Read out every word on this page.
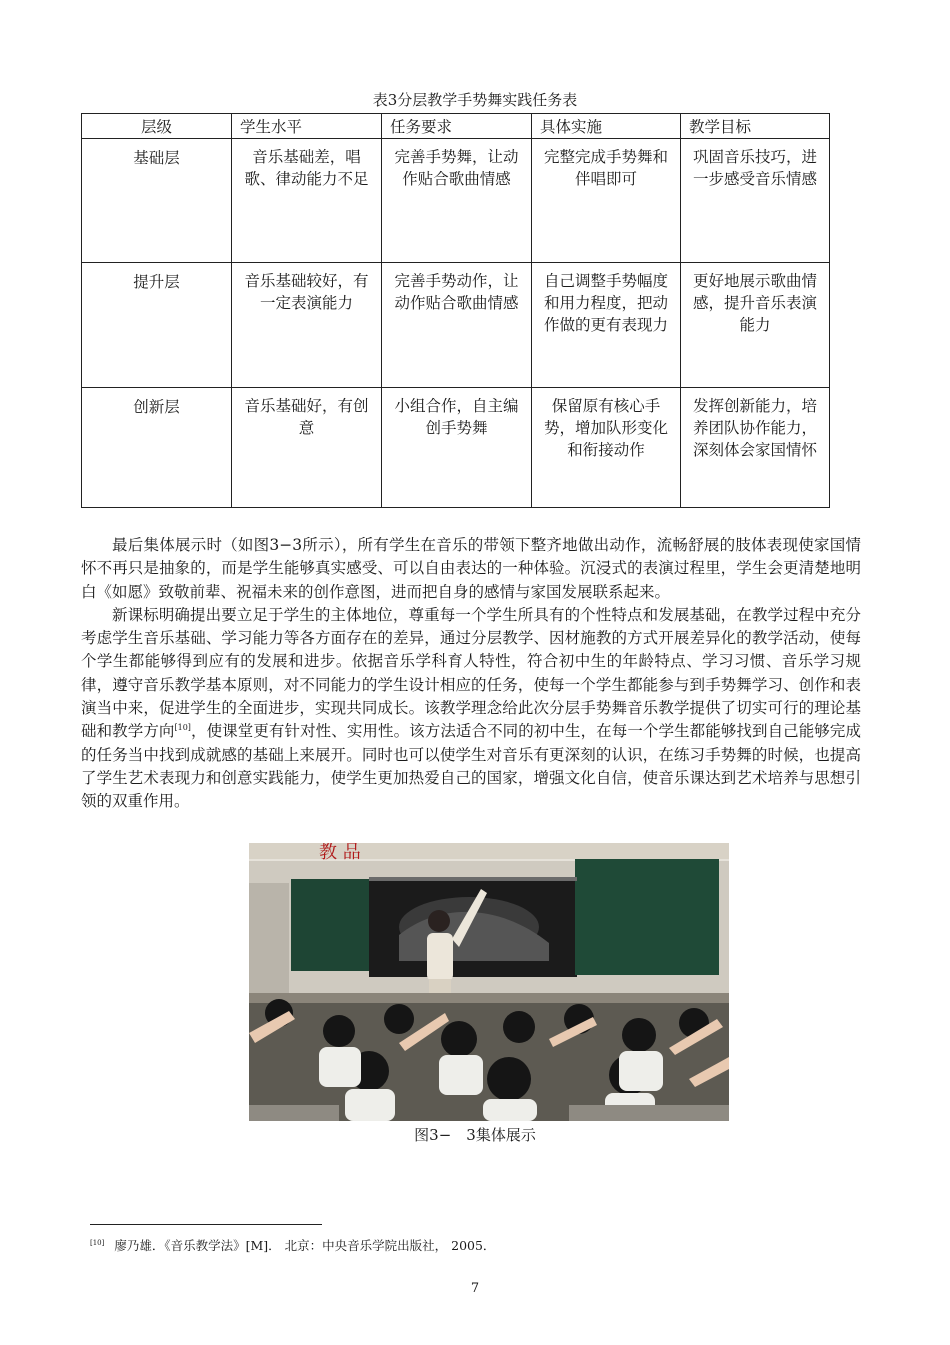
表3分层教学手势舞实践任务表
层级	学生水平	任务要求	具体实施	教学目标
基础层	音乐基础差，唱歌、律动能力不足	完善手势舞，让动作贴合歌曲情感	完整完成手势舞和伴唱即可	巩固音乐技巧，进一步感受音乐情感
提升层	音乐基础较好，有一定表演能力	完善手势动作，让动作贴合歌曲情感	自己调整手势幅度和用力程度，把动作做的更有表现力	更好地展示歌曲情感，提升音乐表演能力
创新层	音乐基础好，有创意	小组合作，自主编创手势舞	保留原有核心手势，增加队形变化和衔接动作	发挥创新能力，培养团队协作能力，深刻体会家国情怀

最后集体展示时（如图3−3所示），所有学生在音乐的带领下整齐地做出动作，流畅舒展的肢体表现使家国情怀不再只是抽象的，而是学生能够真实感受、可以自由表达的一种体验。沉浸式的表演过程里，学生会更清楚地明白《如愿》致敬前辈、祝福未来的创作意图，进而把自身的感情与家国发展联系起来。

新课标明确提出要立足于学生的主体地位，尊重每一个学生所具有的个性特点和发展基础，在教学过程中充分考虑学生音乐基础、学习能力等各方面存在的差异，通过分层教学、因材施教的方式开展差异化的教学活动，使每个学生都能够得到应有的发展和进步。依据音乐学科育人特性，符合初中生的年龄特点、学习习惯、音乐学习规律，遵守音乐教学基本原则，对不同能力的学生设计相应的任务，使每一个学生都能参与到手势舞学习、创作和表演当中来，促进学生的全面进步，实现共同成长。该教学理念给此次分层手势舞音乐教学提供了切实可行的理论基础和教学方向[10]，使课堂更有针对性、实用性。该方法适合不同的初中生，在每一个学生都能够找到自己能够完成的任务当中找到成就感的基础上来展开。同时也可以使学生对音乐有更深刻的认识，在练习手势舞的时候，也提高了学生艺术表现力和创意实践能力，使学生更加热爱自己的国家，增强文化自信，使音乐课达到艺术培养与思想引领的双重作用。

教 品
图3−　3集体展示
[10] 廖乃雄．《音乐教学法》[M]． 北京：中央音乐学院出版社， 2005．
7
